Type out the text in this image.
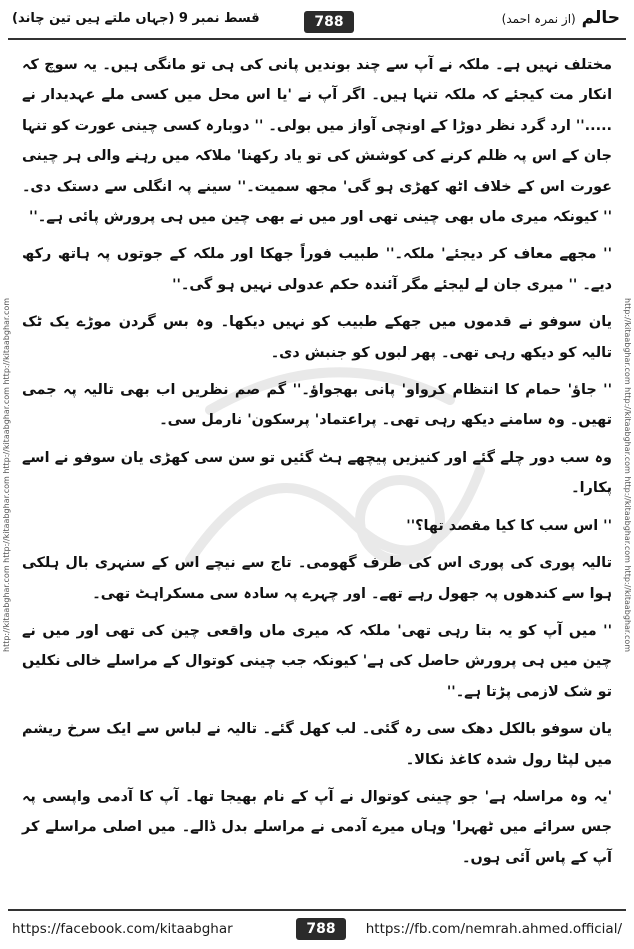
حالم (از نمرہ احمد)
788
قسط نمبر 9 (جہاں ملتے ہیں تین چاند)
http://kitaabghar.com http://kitaabghar.com http://kitaabghar.com http://kitaabghar.com	http://kitaabghar.com http://kitaabghar.com http://kitaabghar.com http://kitaabghar.com

مختلف نہیں ہے۔ ملکہ نے آپ سے چند بوندیں پانی کی ہی تو مانگی ہیں۔ یہ سوچ کہ انکار مت کیجئے کہ ملکہ تنہا ہیں۔ اگر آپ نے 'یا اس محل میں کسی ملے عہدیدار نے .....'' ارد گرد نظر دوڑا کے اونچی آواز میں بولی۔ '' دوبارہ کسی چینی عورت کو تنہا جان کے اس پہ ظلم کرنے کی کوشش کی تو یاد رکھنا' ملاکہ میں رہنے والی ہر چینی عورت اس کے خلاف اٹھ کھڑی ہو گی' مجھ سمیت۔'' سینے پہ انگلی سے دستک دی۔ '' کیونکہ میری ماں بھی چینی تھی اور میں نے بھی چین میں ہی پرورش پائی ہے۔''

'' مجھے معاف کر دیجئے' ملکہ۔'' طبیب فوراً جھکا اور ملکہ کے جوتوں پہ ہاتھ رکھ دیے۔ '' میری جان لے لیجئے مگر آئندہ حکم عدولی نہیں ہو گی۔''

یان سوفو نے قدموں میں جھکے طبیب کو نہیں دیکھا۔ وہ بس گردن موڑے یک ٹک تالیہ کو دیکھ رہی تھی۔ پھر لبوں کو جنبش دی۔

'' جاؤ' حمام کا انتظام کرواو' پانی بھجواؤ۔'' گم صم نظریں اب بھی تالیہ پہ جمی تھیں۔ وہ سامنے دیکھ رہی تھی۔ پراعتماد' پرسکون' نارمل سی۔

وہ سب دور چلے گئے اور کنیزیں پیچھے ہٹ گئیں تو سن سی کھڑی یان سوفو نے اسے پکارا۔

'' اس سب کا کیا مقصد تھا؟''

تالیہ پوری کی پوری اس کی طرف گھومی۔ تاج سے نیچے اس کے سنہری بال ہلکی ہوا سے کندھوں پہ جھول رہے تھے۔ اور چہرے پہ سادہ سی مسکراہٹ تھی۔

'' میں آپ کو یہ بتا رہی تھی' ملکہ کہ میری ماں واقعی چین کی تھی اور میں نے چین میں ہی پرورش حاصل کی ہے' کیونکہ جب چینی کوتوال کے مراسلے خالی نکلیں تو شک لازمی پڑتا ہے۔''

یان سوفو بالکل دھک سی رہ گئی۔ لب کھل گئے۔ تالیہ نے لباس سے ایک سرخ ریشم میں لپٹا رول شدہ کاغذ نکالا۔

'یہ وہ مراسلہ ہے' جو چینی کوتوال نے آپ کے نام بھیجا تھا۔ آپ کا آدمی واپسی پہ جس سرائے میں ٹھہرا' وہاں میرے آدمی نے مراسلے بدل ڈالے۔ میں اصلی مراسلے کر آپ کے پاس آئی ہوں۔

https://facebook.com/kitaabghar	788	https://fb.com/nemrah.ahmed.official/
